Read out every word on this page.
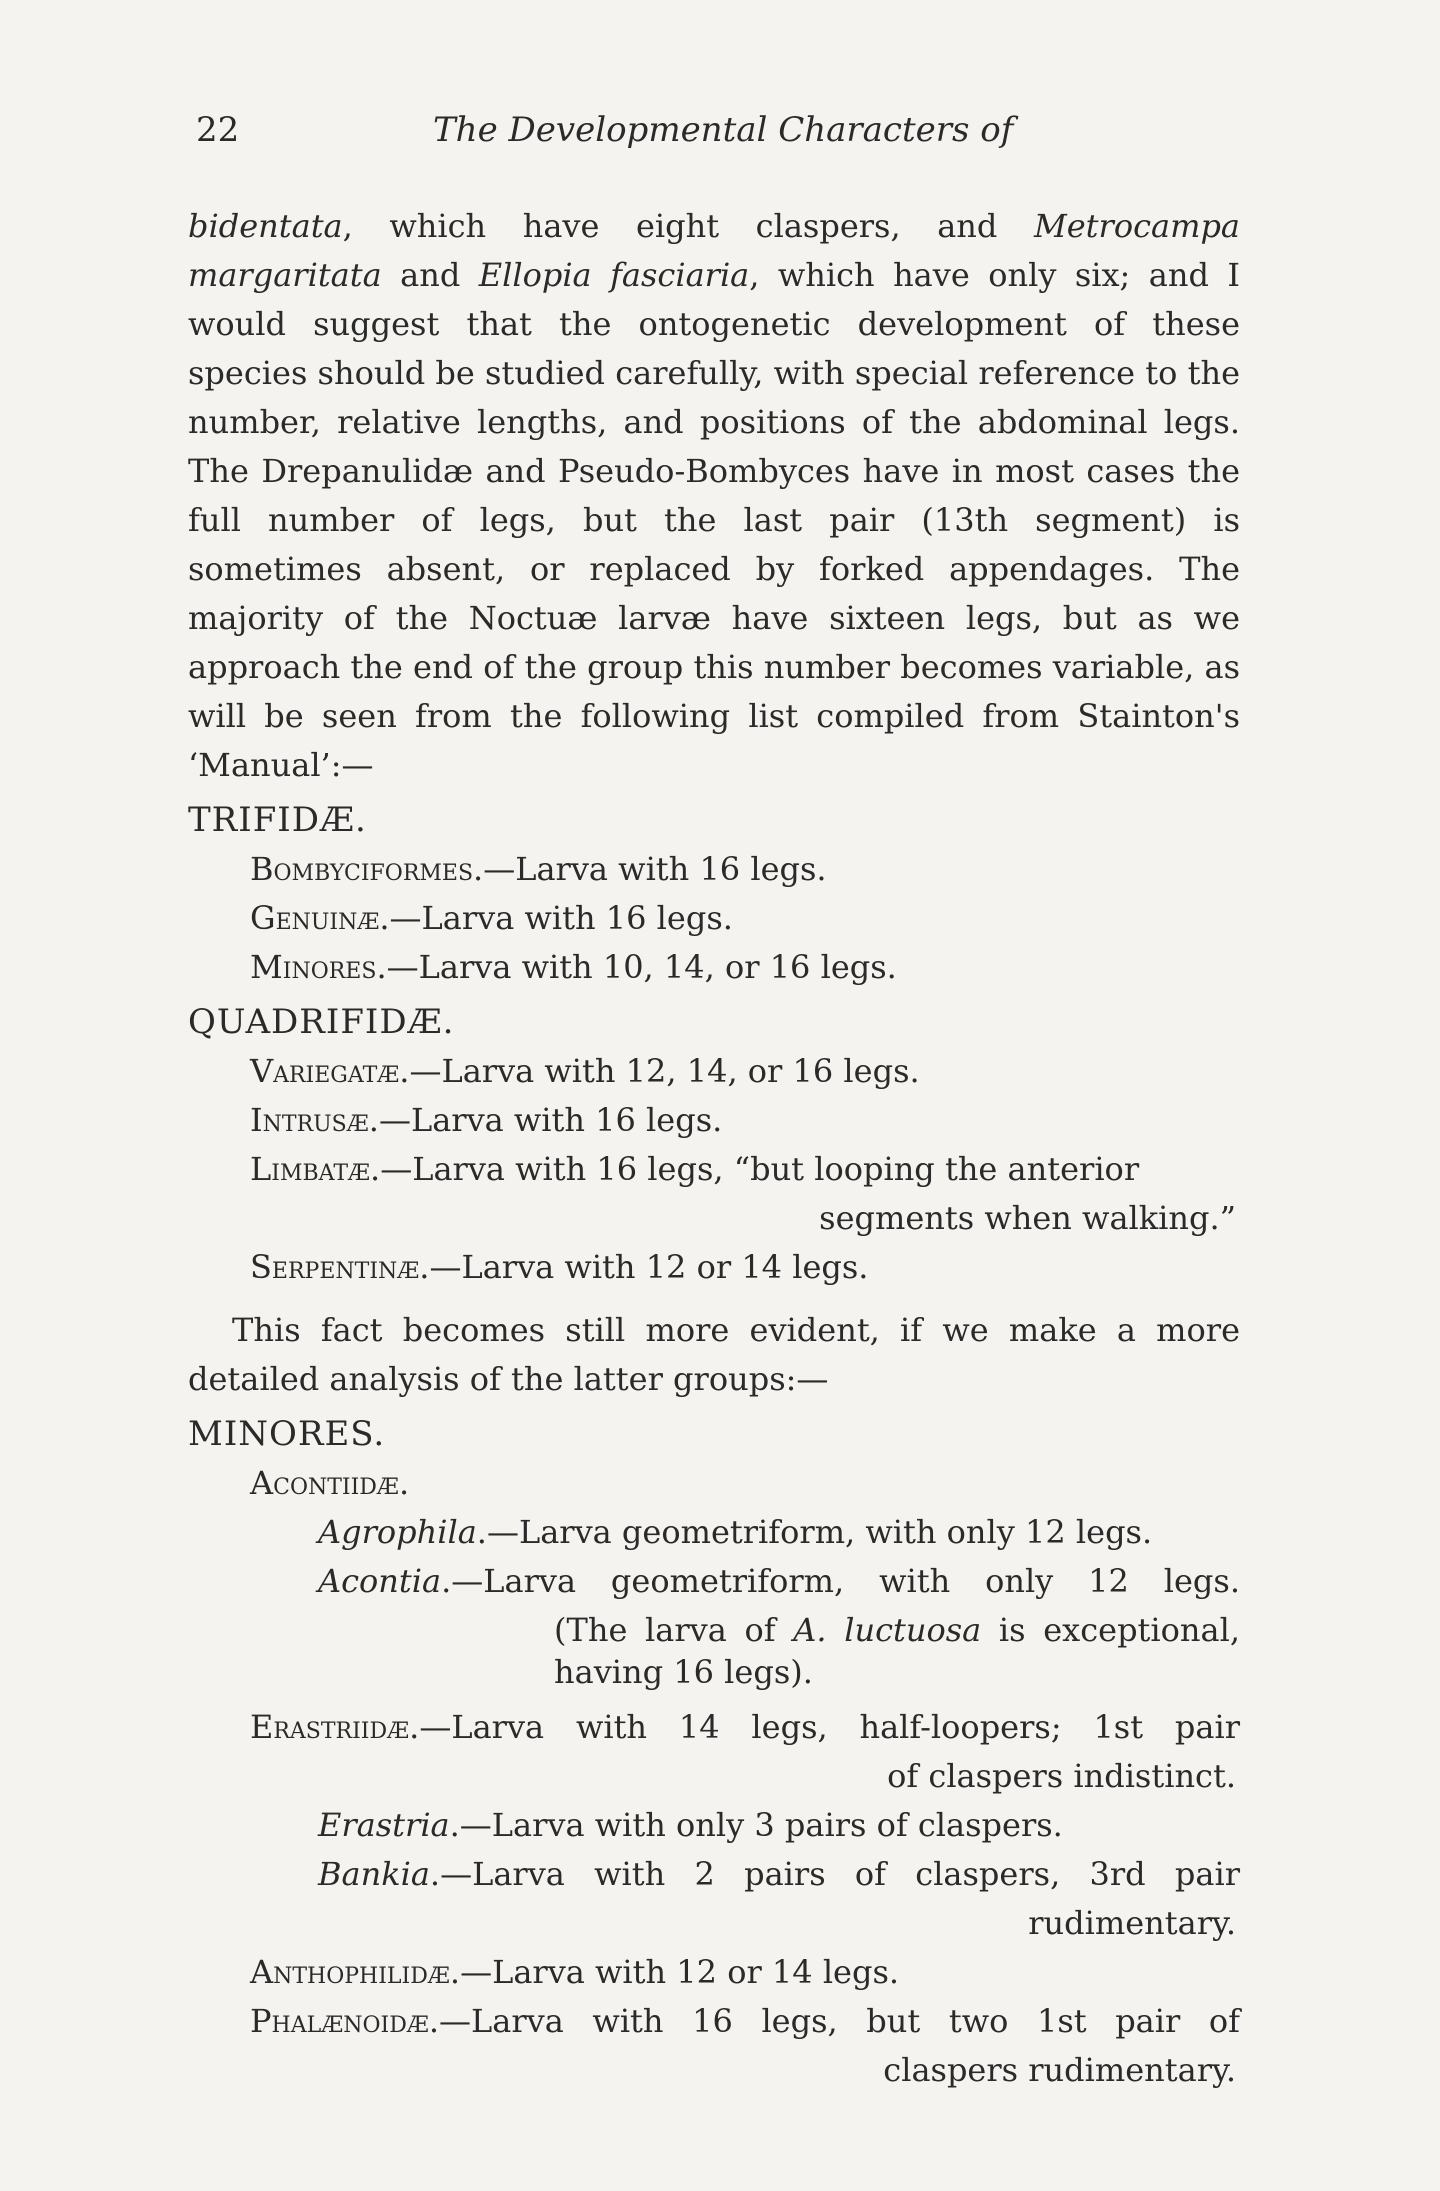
22	The Developmental Characters of

bidentata, which have eight claspers, and Metrocampa margaritata and Ellopia fasciaria, which have only six; and I would suggest that the ontogenetic development of these species should be studied carefully, with special reference to the number, relative lengths, and positions of the abdominal legs. The Drepanulidæ and Pseudo-Bombyces have in most cases the full number of legs, but the last pair (13th segment) is sometimes absent, or replaced by forked appendages. The majority of the Noctuæ larvæ have sixteen legs, but as we approach the end of the group this number becomes variable, as will be seen from the following list compiled from Stainton's ‘Manual’:—

TRIFIDÆ.

Bombyciformes.—Larva with 16 legs.

Genuinæ.—Larva with 16 legs.

Minores.—Larva with 10, 14, or 16 legs.

QUADRIFIDÆ.

Variegatæ.—Larva with 12, 14, or 16 legs.

Intrusæ.—Larva with 16 legs.

Limbatæ.—Larva with 16 legs, “but looping the anterior

segments when walking.”

Serpentinæ.—Larva with 12 or 14 legs.

This fact becomes still more evident, if we make a more detailed analysis of the latter groups:—

MINORES.

Acontiidæ.

Agrophila.—Larva geometriform, with only 12 legs.

Acontia.—Larva geometriform, with only 12 legs.

(The larva of A. luctuosa is exceptional,

having 16 legs).

Erastriidæ.—Larva with 14 legs, half-loopers; 1st pair

of claspers indistinct.

Erastria.—Larva with only 3 pairs of claspers.

Bankia.—Larva with 2 pairs of claspers, 3rd pair

rudimentary.

Anthophilidæ.—Larva with 12 or 14 legs.

Phalænoidæ.—Larva with 16 legs, but two 1st pair of

claspers rudimentary.
